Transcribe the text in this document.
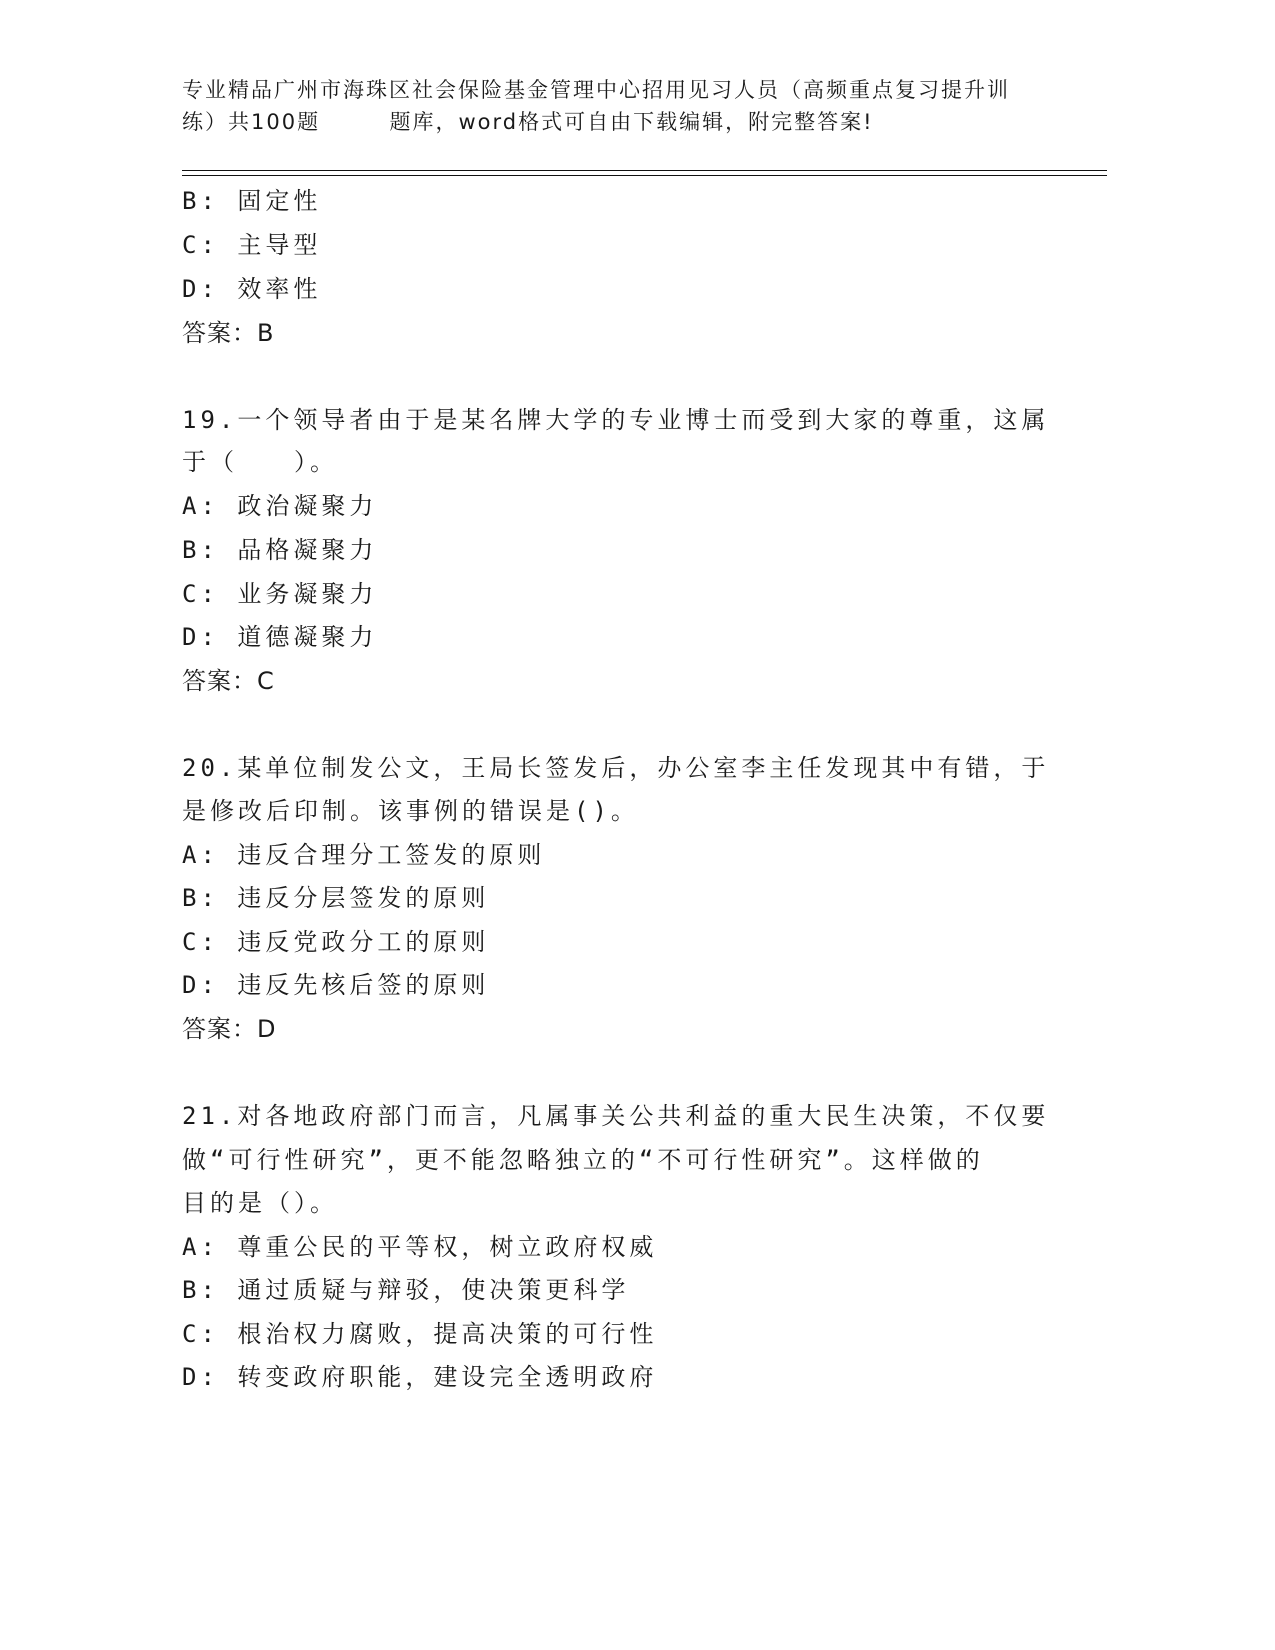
专业精品广州市海珠区社会保险基金管理中心招用见习人员（高频重点复习提升训
练）共100题        题库，word格式可自由下载编辑，附完整答案!
B: 固定性
C: 主导型
D: 效率性
答案：B
19.一个领导者由于是某名牌大学的专业博士而受到大家的尊重，这属
于（　　）。
A: 政治凝聚力
B: 品格凝聚力
C: 业务凝聚力
D: 道德凝聚力
答案：C
20.某单位制发公文，王局长签发后，办公室李主任发现其中有错，于
是修改后印制。该事例的错误是()。
A: 违反合理分工签发的原则
B: 违反分层签发的原则
C: 违反党政分工的原则
D: 违反先核后签的原则
答案：D
21.对各地政府部门而言，凡属事关公共利益的重大民生决策，不仅要
做“可行性研究”，更不能忽略独立的“不可行性研究”。这样做的
目的是（）。
A: 尊重公民的平等权，树立政府权威
B: 通过质疑与辩驳，使决策更科学
C: 根治权力腐败，提高决策的可行性
D: 转变政府职能，建设完全透明政府
